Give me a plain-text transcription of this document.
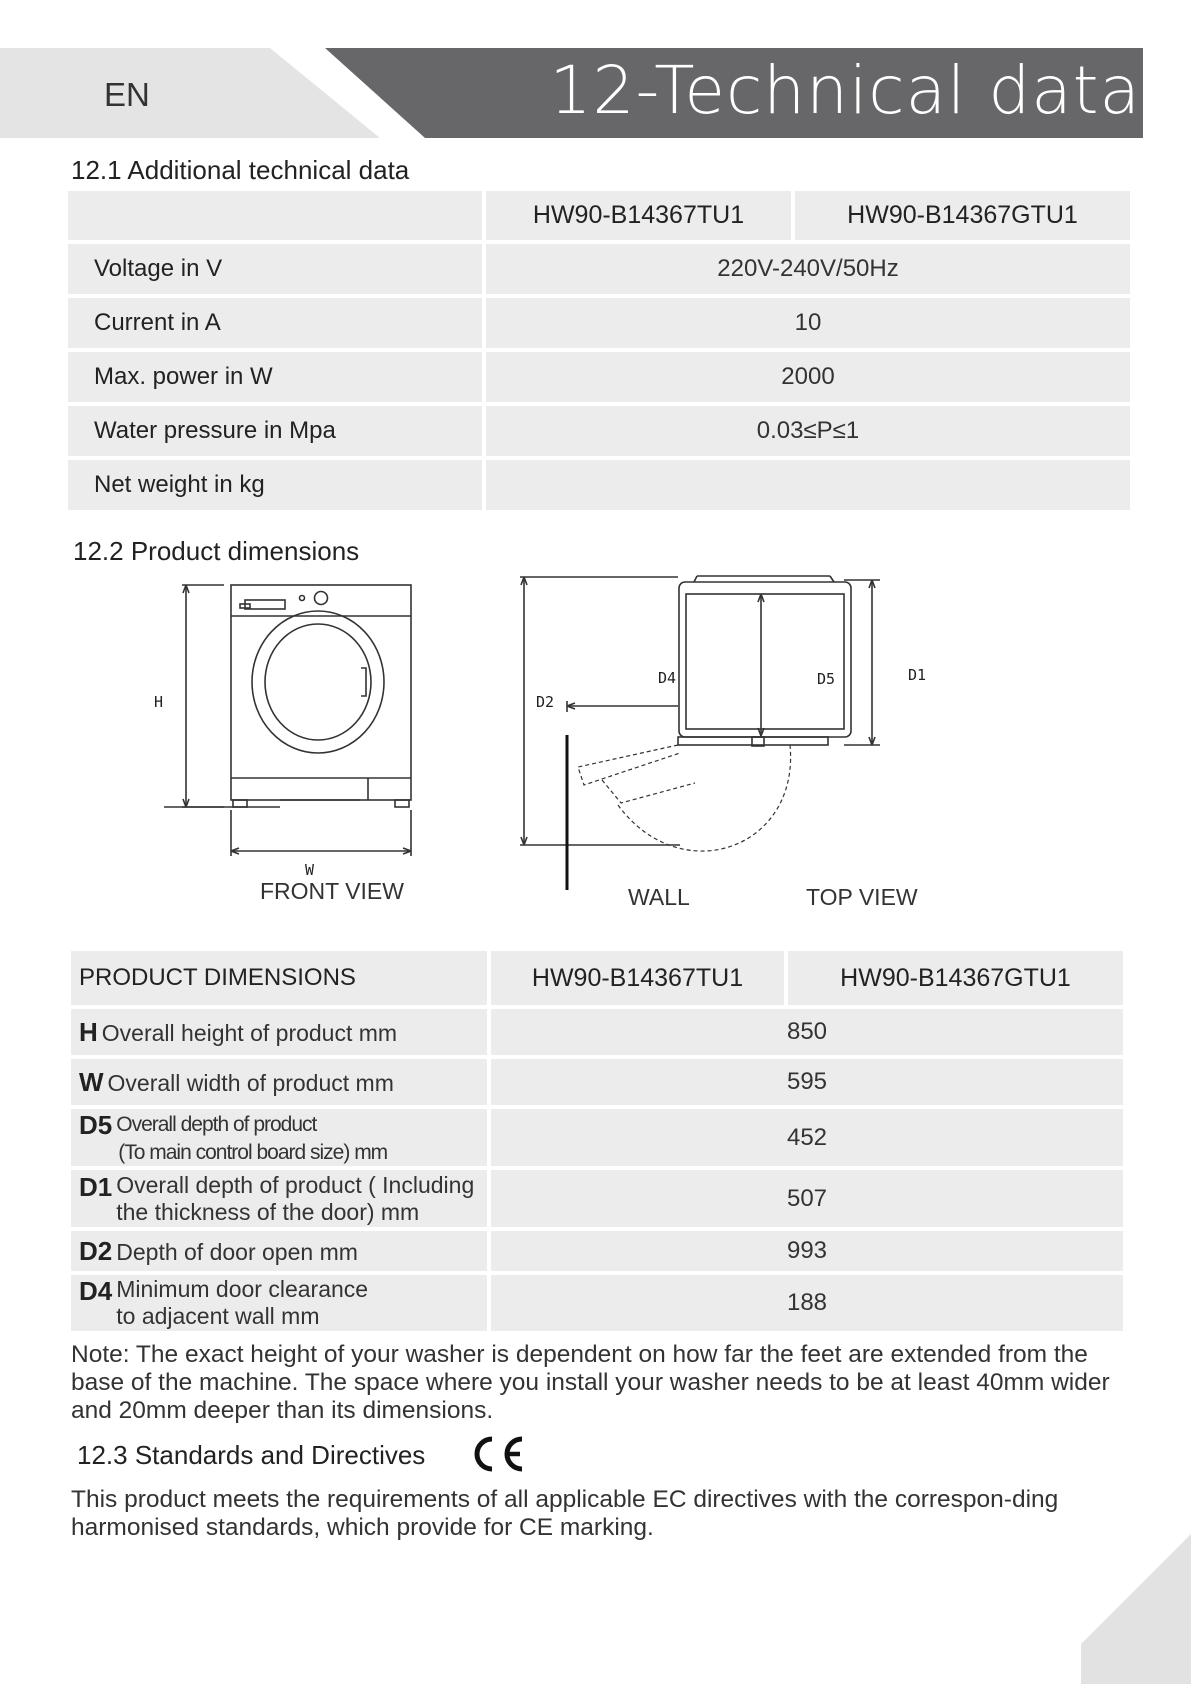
EN	12-Technical data
12.1 Additional technical data
	HW90-B14367TU1	HW90-B14367GTU1
Voltage in V	220V-240V/50Hz	
Current in A	10	
Max. power in W	2000	
Water pressure in Mpa	0.03≤P≤1	
Net weight in kg		
12.2 Product dimensions
H
W
D2
D4	D5	D1
FRONT VIEW	WALL	TOP VIEW
PRODUCT DIMENSIONS	HW90-B14367TU1	HW90-B14367GTU1
H Overall height of product mm	850	
W Overall width of product mm	595	
D5 Overall depth of product
(To main control board size) mm	452	
D1 Overall depth of product ( Including
the thickness of the door) mm	507	
D2 Depth of door open mm	993	
D4 Minimum door clearance
to adjacent wall mm	188	
Note: The exact height of your washer is dependent on how far the feet are extended from the base of the machine. The space where you install your washer needs to be at least 40mm wider and 20mm deeper than its dimensions.
12.3 Standards and Directives
This product meets the requirements of all applicable EC directives with the correspon-ding harmonised standards, which provide for CE marking.
